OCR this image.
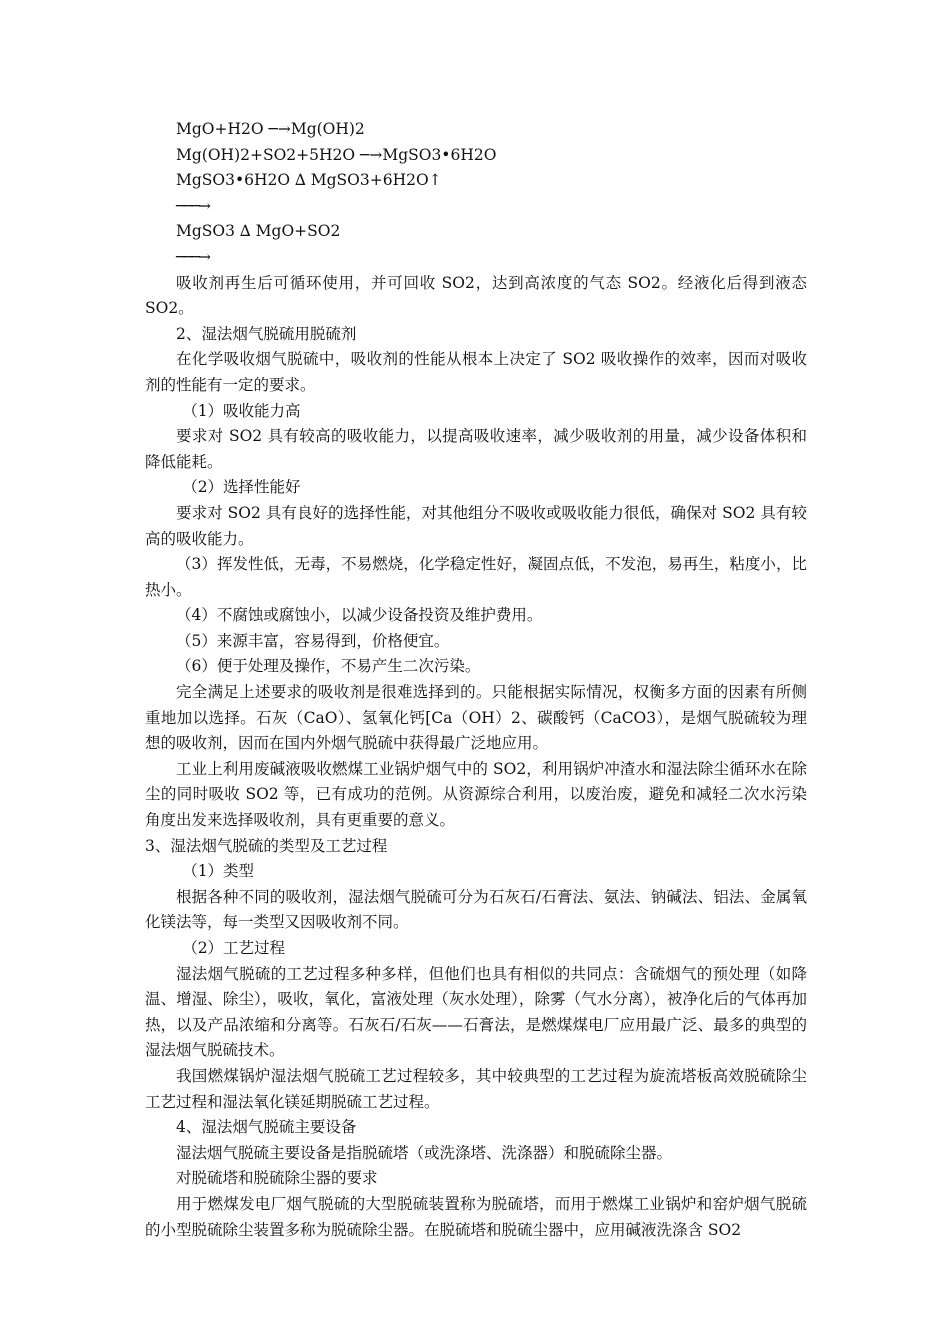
MgO+H2O ─→Mg(OH)2
Mg(OH)2+SO2+5H2O ─→MgSO3•6H2O
MgSO3•6H2O ∆ MgSO3+6H2O↑
───→
MgSO3 ∆ MgO+SO2
───→

吸收剂再生后可循环使用，并可回收 SO2，达到高浓度的气态 SO2。经液化后得到液态 SO2。

2、湿法烟气脱硫用脱硫剂

在化学吸收烟气脱硫中，吸收剂的性能从根本上决定了 SO2 吸收操作的效率，因而对吸收剂的性能有一定的要求。

（1）吸收能力高

要求对 SO2 具有较高的吸收能力，以提高吸收速率，减少吸收剂的用量，减少设备体积和降低能耗。

（2）选择性能好

要求对 SO2 具有良好的选择性能，对其他组分不吸收或吸收能力很低，确保对 SO2 具有较高的吸收能力。

（3）挥发性低，无毒，不易燃烧，化学稳定性好，凝固点低，不发泡，易再生，粘度小，比热小。

（4）不腐蚀或腐蚀小，以减少设备投资及维护费用。

（5）来源丰富，容易得到，价格便宜。

（6）便于处理及操作，不易产生二次污染。

完全满足上述要求的吸收剂是很难选择到的。只能根据实际情况，权衡多方面的因素有所侧重地加以选择。石灰（CaO）、氢氧化钙[Ca（OH）2、碳酸钙（CaCO3），是烟气脱硫较为理想的吸收剂，因而在国内外烟气脱硫中获得最广泛地应用。

工业上利用废碱液吸收燃煤工业锅炉烟气中的 SO2，利用锅炉冲渣水和湿法除尘循环水在除尘的同时吸收 SO2 等，已有成功的范例。从资源综合利用，以废治废，避免和减轻二次水污染角度出发来选择吸收剂，具有更重要的意义。

3、湿法烟气脱硫的类型及工艺过程

（1）类型

根据各种不同的吸收剂，湿法烟气脱硫可分为石灰石/石膏法、氨法、钠碱法、铝法、金属氧化镁法等，每一类型又因吸收剂不同。

（2）工艺过程

湿法烟气脱硫的工艺过程多种多样，但他们也具有相似的共同点：含硫烟气的预处理（如降温、增湿、除尘），吸收，氧化，富液处理（灰水处理），除雾（气水分离），被净化后的气体再加热，以及产品浓缩和分离等。石灰石/石灰——石膏法，是燃煤煤电厂应用最广泛、最多的典型的湿法烟气脱硫技术。

我国燃煤锅炉湿法烟气脱硫工艺过程较多，其中较典型的工艺过程为旋流塔板高效脱硫除尘工艺过程和湿法氧化镁延期脱硫工艺过程。

4、湿法烟气脱硫主要设备

湿法烟气脱硫主要设备是指脱硫塔（或洗涤塔、洗涤器）和脱硫除尘器。

对脱硫塔和脱硫除尘器的要求

用于燃煤发电厂烟气脱硫的大型脱硫装置称为脱硫塔，而用于燃煤工业锅炉和窑炉烟气脱硫的小型脱硫除尘装置多称为脱硫除尘器。在脱硫塔和脱硫尘器中，应用碱液洗涤含 SO2
